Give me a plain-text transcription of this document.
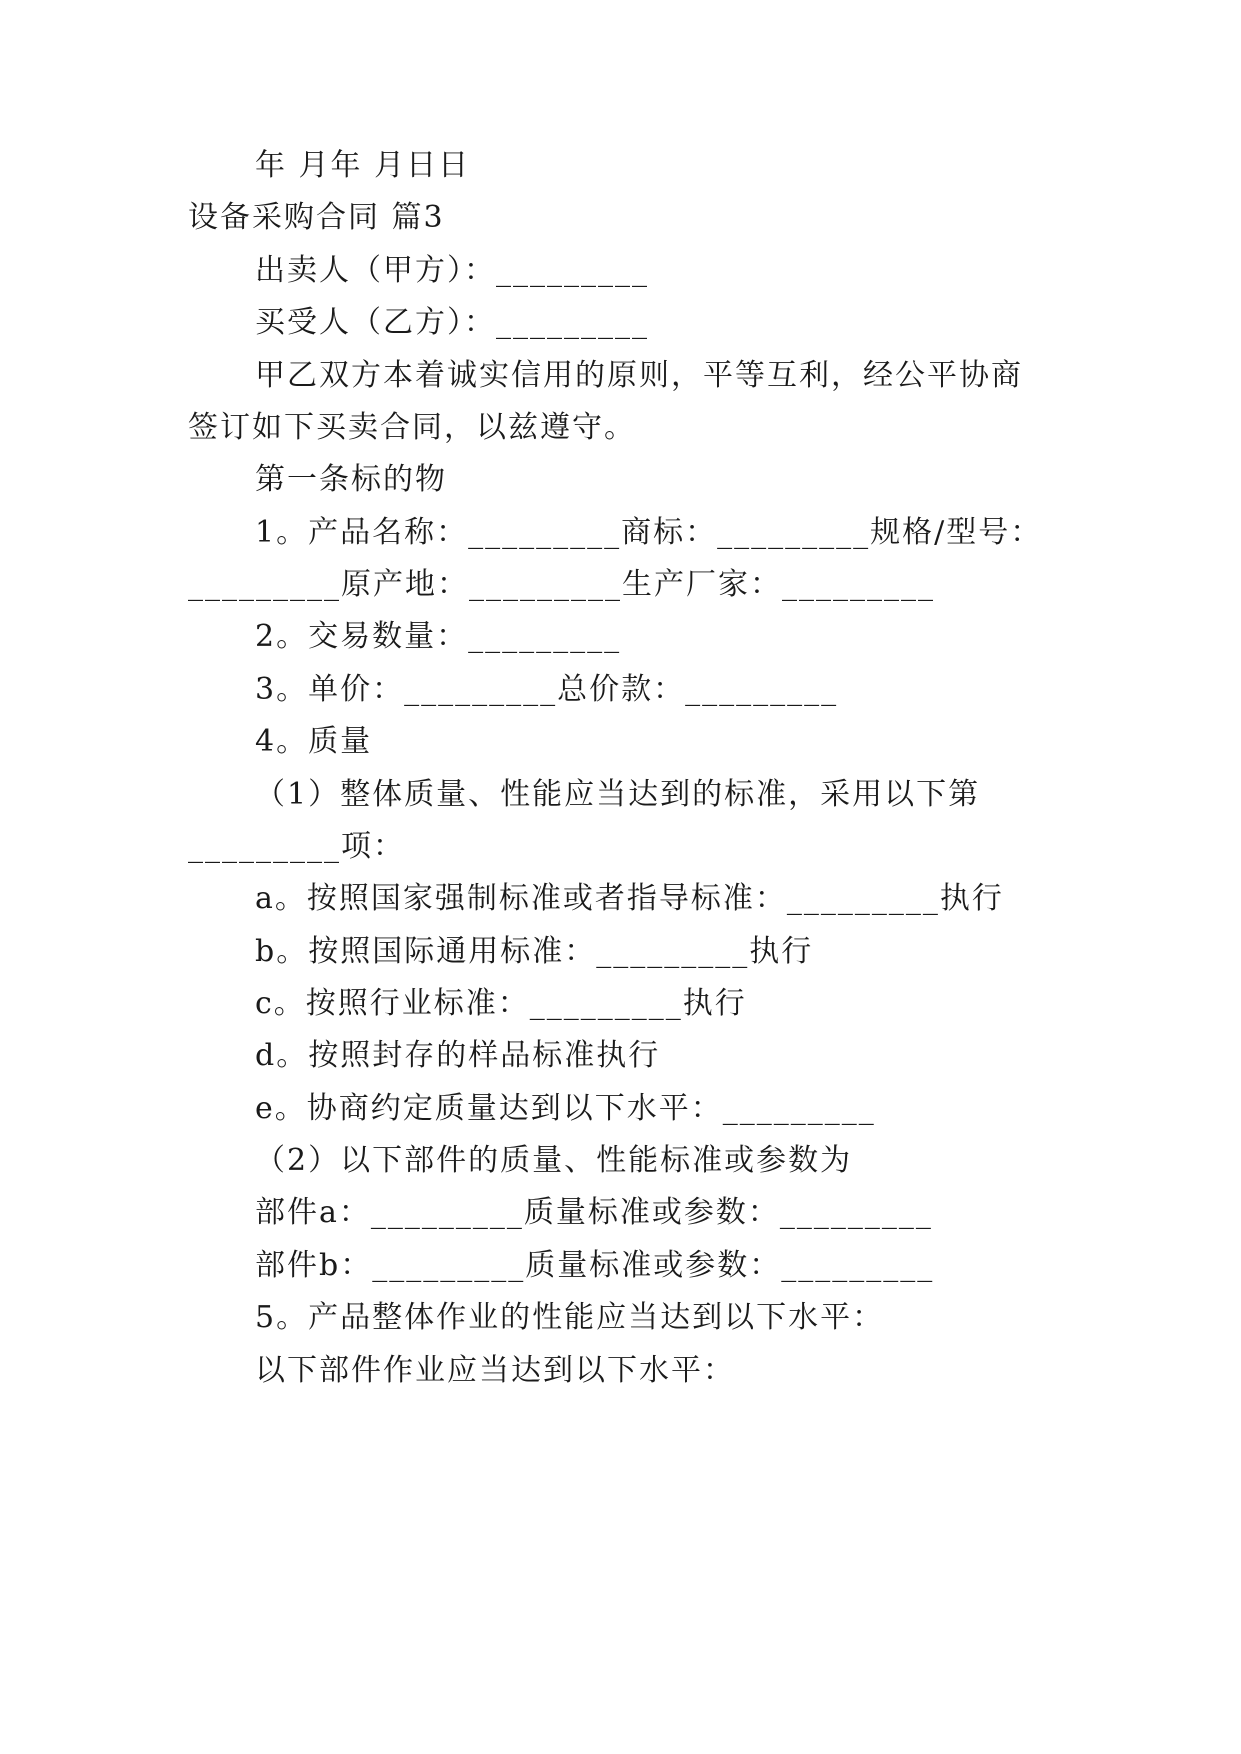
年 月年 月日日
设备采购合同 篇3
出卖人（甲方）：_________
买受人（乙方）：_________
甲乙双方本着诚实信用的原则，平等互利，经公平协商
签订如下买卖合同，以兹遵守。
第一条标的物
1。产品名称：_________商标：_________规格/型号：
_________原产地：_________生产厂家：_________
2。交易数量：_________
3。单价：_________总价款：_________
4。质量
（1）整体质量、性能应当达到的标准，采用以下第
_________项：
a。按照国家强制标准或者指导标准：_________执行
b。按照国际通用标准：_________执行
c。按照行业标准：_________执行
d。按照封存的样品标准执行
e。协商约定质量达到以下水平：_________
（2）以下部件的质量、性能标准或参数为
部件a：_________质量标准或参数：_________
部件b：_________质量标准或参数：_________
5。产品整体作业的性能应当达到以下水平：
以下部件作业应当达到以下水平：
